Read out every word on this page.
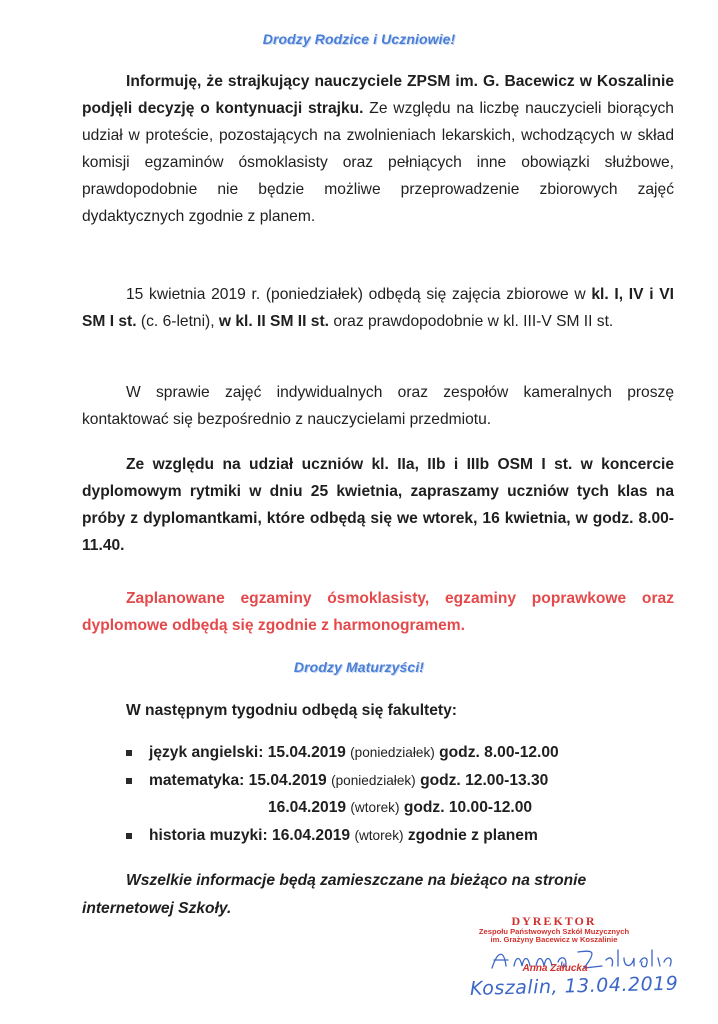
Drodzy Rodzice i Uczniowie!

Informuję, że strajkujący nauczyciele ZPSM im. G. Bacewicz w Koszalinie podjęli decyzję o kontynuacji strajku. Ze względu na liczbę nauczycieli biorących udział w proteście, pozostających na zwolnieniach lekarskich, wchodzących w skład komisji egzaminów ósmoklasisty oraz pełniących inne obowiązki służbowe, prawdopodobnie nie będzie możliwe przeprowadzenie zbiorowych zajęć dydaktycznych zgodnie z planem.

15 kwietnia 2019 r. (poniedziałek) odbędą się zajęcia zbiorowe w kl. I, IV i VI SM I st. (c. 6-letni), w kl. II SM II st. oraz prawdopodobnie w kl. III-V SM II st.

W sprawie zajęć indywidualnych oraz zespołów kameralnych proszę kontaktować się bezpośrednio z nauczycielami przedmiotu.

Ze względu na udział uczniów kl. IIa, IIb i IIIb OSM I st. w koncercie dyplomowym rytmiki w dniu 25 kwietnia, zapraszamy uczniów tych klas na próby z dyplomantkami, które odbędą się we wtorek, 16 kwietnia, w godz. 8.00-11.40.

Zaplanowane egzaminy ósmoklasisty, egzaminy poprawkowe oraz dyplomowe odbędą się zgodnie z harmonogramem.

Drodzy Maturzyści!
W następnym tygodniu odbędą się fakultety:
język angielski: 15.04.2019 (poniedziałek) godz. 8.00-12.00
matematyka: 15.04.2019 (poniedziałek) godz. 12.00-13.30
16.04.2019 (wtorek) godz. 10.00-12.00
historia muzyki: 16.04.2019 (wtorek) zgodnie z planem

Wszelkie informacje będą zamieszczane na bieżąco na stronie internetowej Szkoły.

DYREKTOR
Zespołu Państwowych Szkół Muzycznych
im. Grażyny Bacewicz w Koszalinie
Anna Załucka
Koszalin, 13.04.2019
